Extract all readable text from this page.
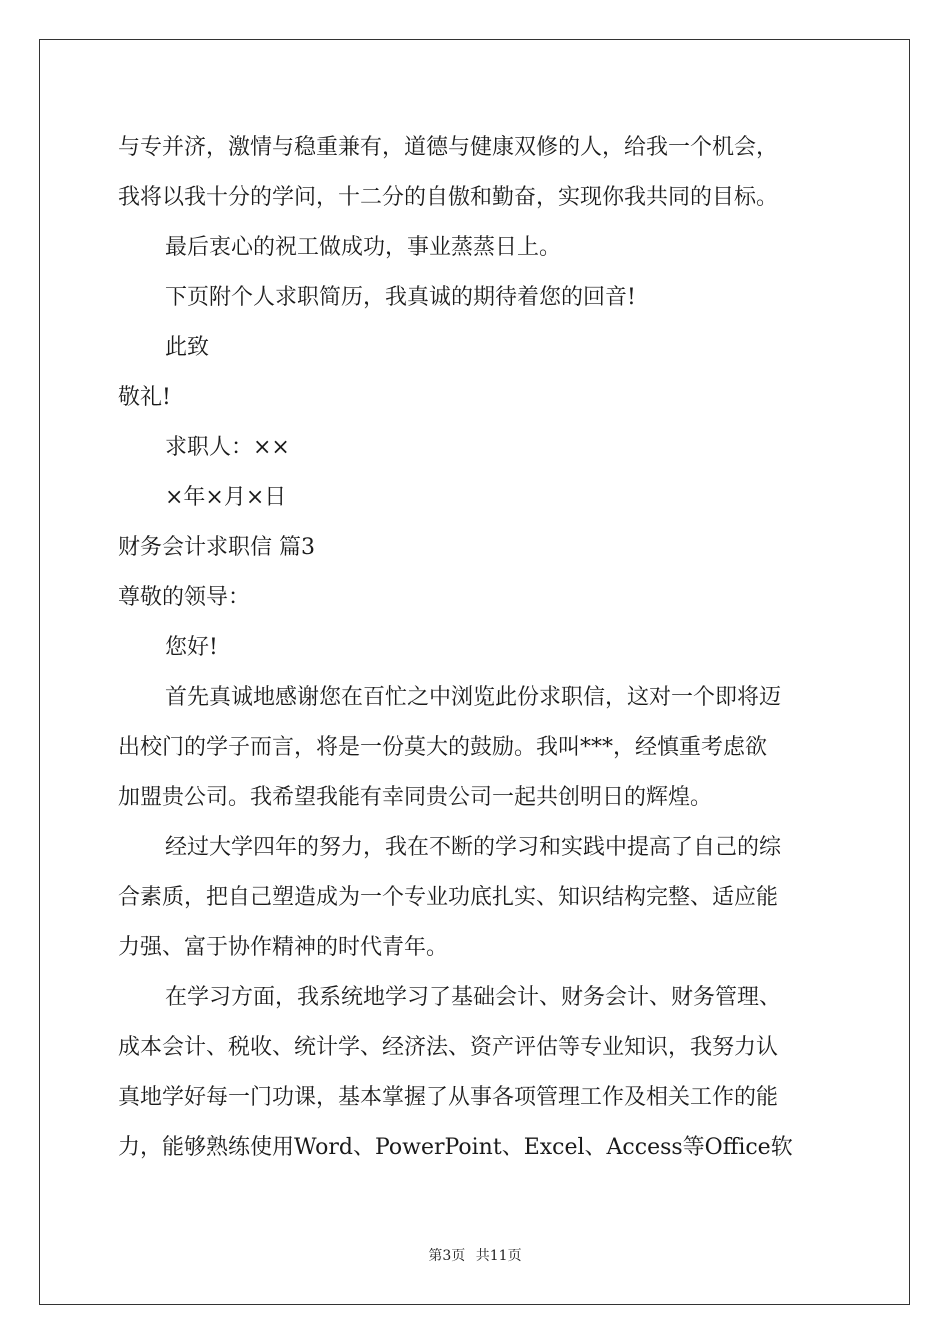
与专并济，激情与稳重兼有，道德与健康双修的人，给我一个机会，

我将以我十分的学问，十二分的自傲和勤奋，实现你我共同的目标。

最后衷心的祝工做成功，事业蒸蒸日上。

下页附个人求职简历，我真诚的期待着您的回音!

此致

敬礼!

求职人：××

×年×月×日

财务会计求职信 篇3

尊敬的领导：

您好!

首先真诚地感谢您在百忙之中浏览此份求职信，这对一个即将迈

出校门的学子而言，将是一份莫大的鼓励。我叫***，经慎重考虑欲

加盟贵公司。我希望我能有幸同贵公司一起共创明日的辉煌。

经过大学四年的努力，我在不断的学习和实践中提高了自己的综

合素质，把自己塑造成为一个专业功底扎实、知识结构完整、适应能

力强、富于协作精神的时代青年。

在学习方面，我系统地学习了基础会计、财务会计、财务管理、

成本会计、税收、统计学、经济法、资产评估等专业知识，我努力认

真地学好每一门功课，基本掌握了从事各项管理工作及相关工作的能

力，能够熟练使用Word、PowerPoint、Excel、Access等Office软

第3页 共11页
